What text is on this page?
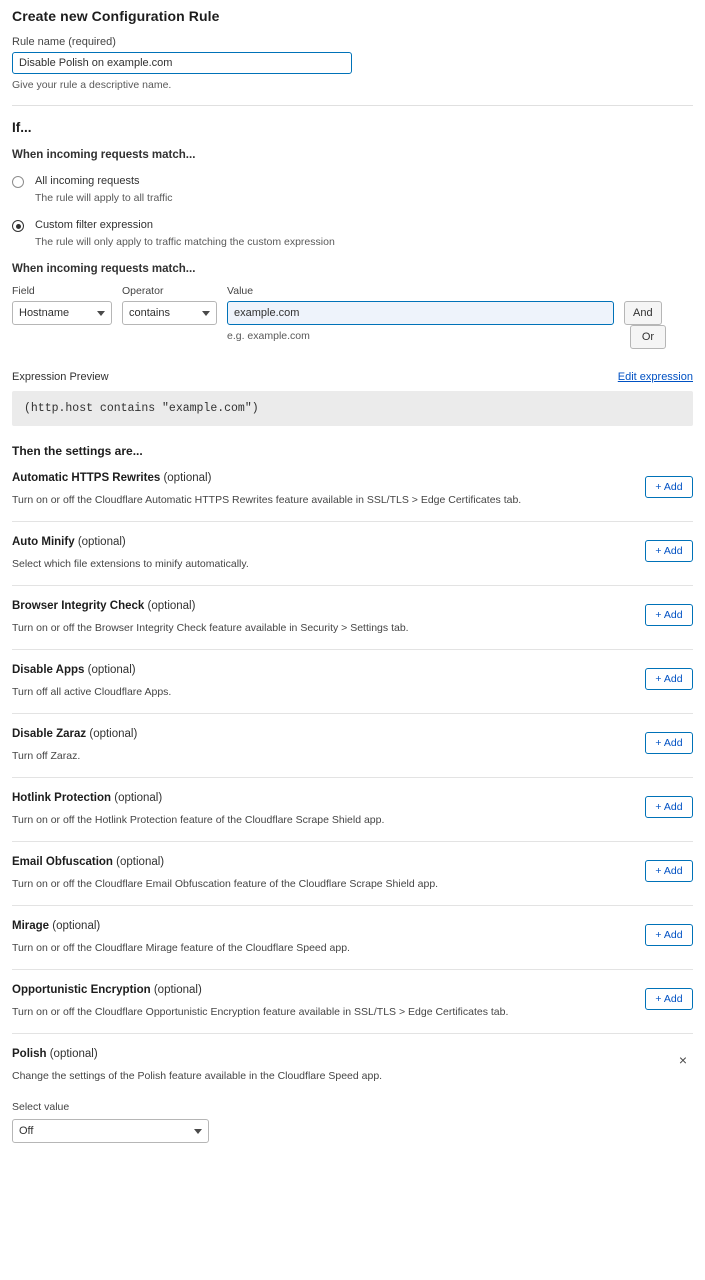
Create new Configuration Rule
Rule name (required)
Disable Polish on example.com
Give your rule a descriptive name.
If...
When incoming requests match...
All incoming requests
The rule will apply to all traffic
Custom filter expression
The rule will only apply to traffic matching the custom expression
When incoming requests match...
Field
Hostname
Operator
contains
Value
example.com
e.g. example.com

And Or
Expression Preview	Edit expression
(http.host contains "example.com")
Then the settings are...
Automatic HTTPS Rewrites (optional)
Turn on or off the Cloudflare Automatic HTTPS Rewrites feature available in SSL/TLS > Edge Certificates tab.
+ Add
Auto Minify (optional)
Select which file extensions to minify automatically.
+ Add
Browser Integrity Check (optional)
Turn on or off the Browser Integrity Check feature available in Security > Settings tab.
+ Add
Disable Apps (optional)
Turn off all active Cloudflare Apps.
+ Add
Disable Zaraz (optional)
Turn off Zaraz.
+ Add
Hotlink Protection (optional)
Turn on or off the Hotlink Protection feature of the Cloudflare Scrape Shield app.
+ Add
Email Obfuscation (optional)
Turn on or off the Cloudflare Email Obfuscation feature of the Cloudflare Scrape Shield app.
+ Add
Mirage (optional)
Turn on or off the Cloudflare Mirage feature of the Cloudflare Speed app.
+ Add
Opportunistic Encryption (optional)
Turn on or off the Cloudflare Opportunistic Encryption feature available in SSL/TLS > Edge Certificates tab.
+ Add
Polish (optional)
Change the settings of the Polish feature available in the Cloudflare Speed app.
×
Select value
Off
